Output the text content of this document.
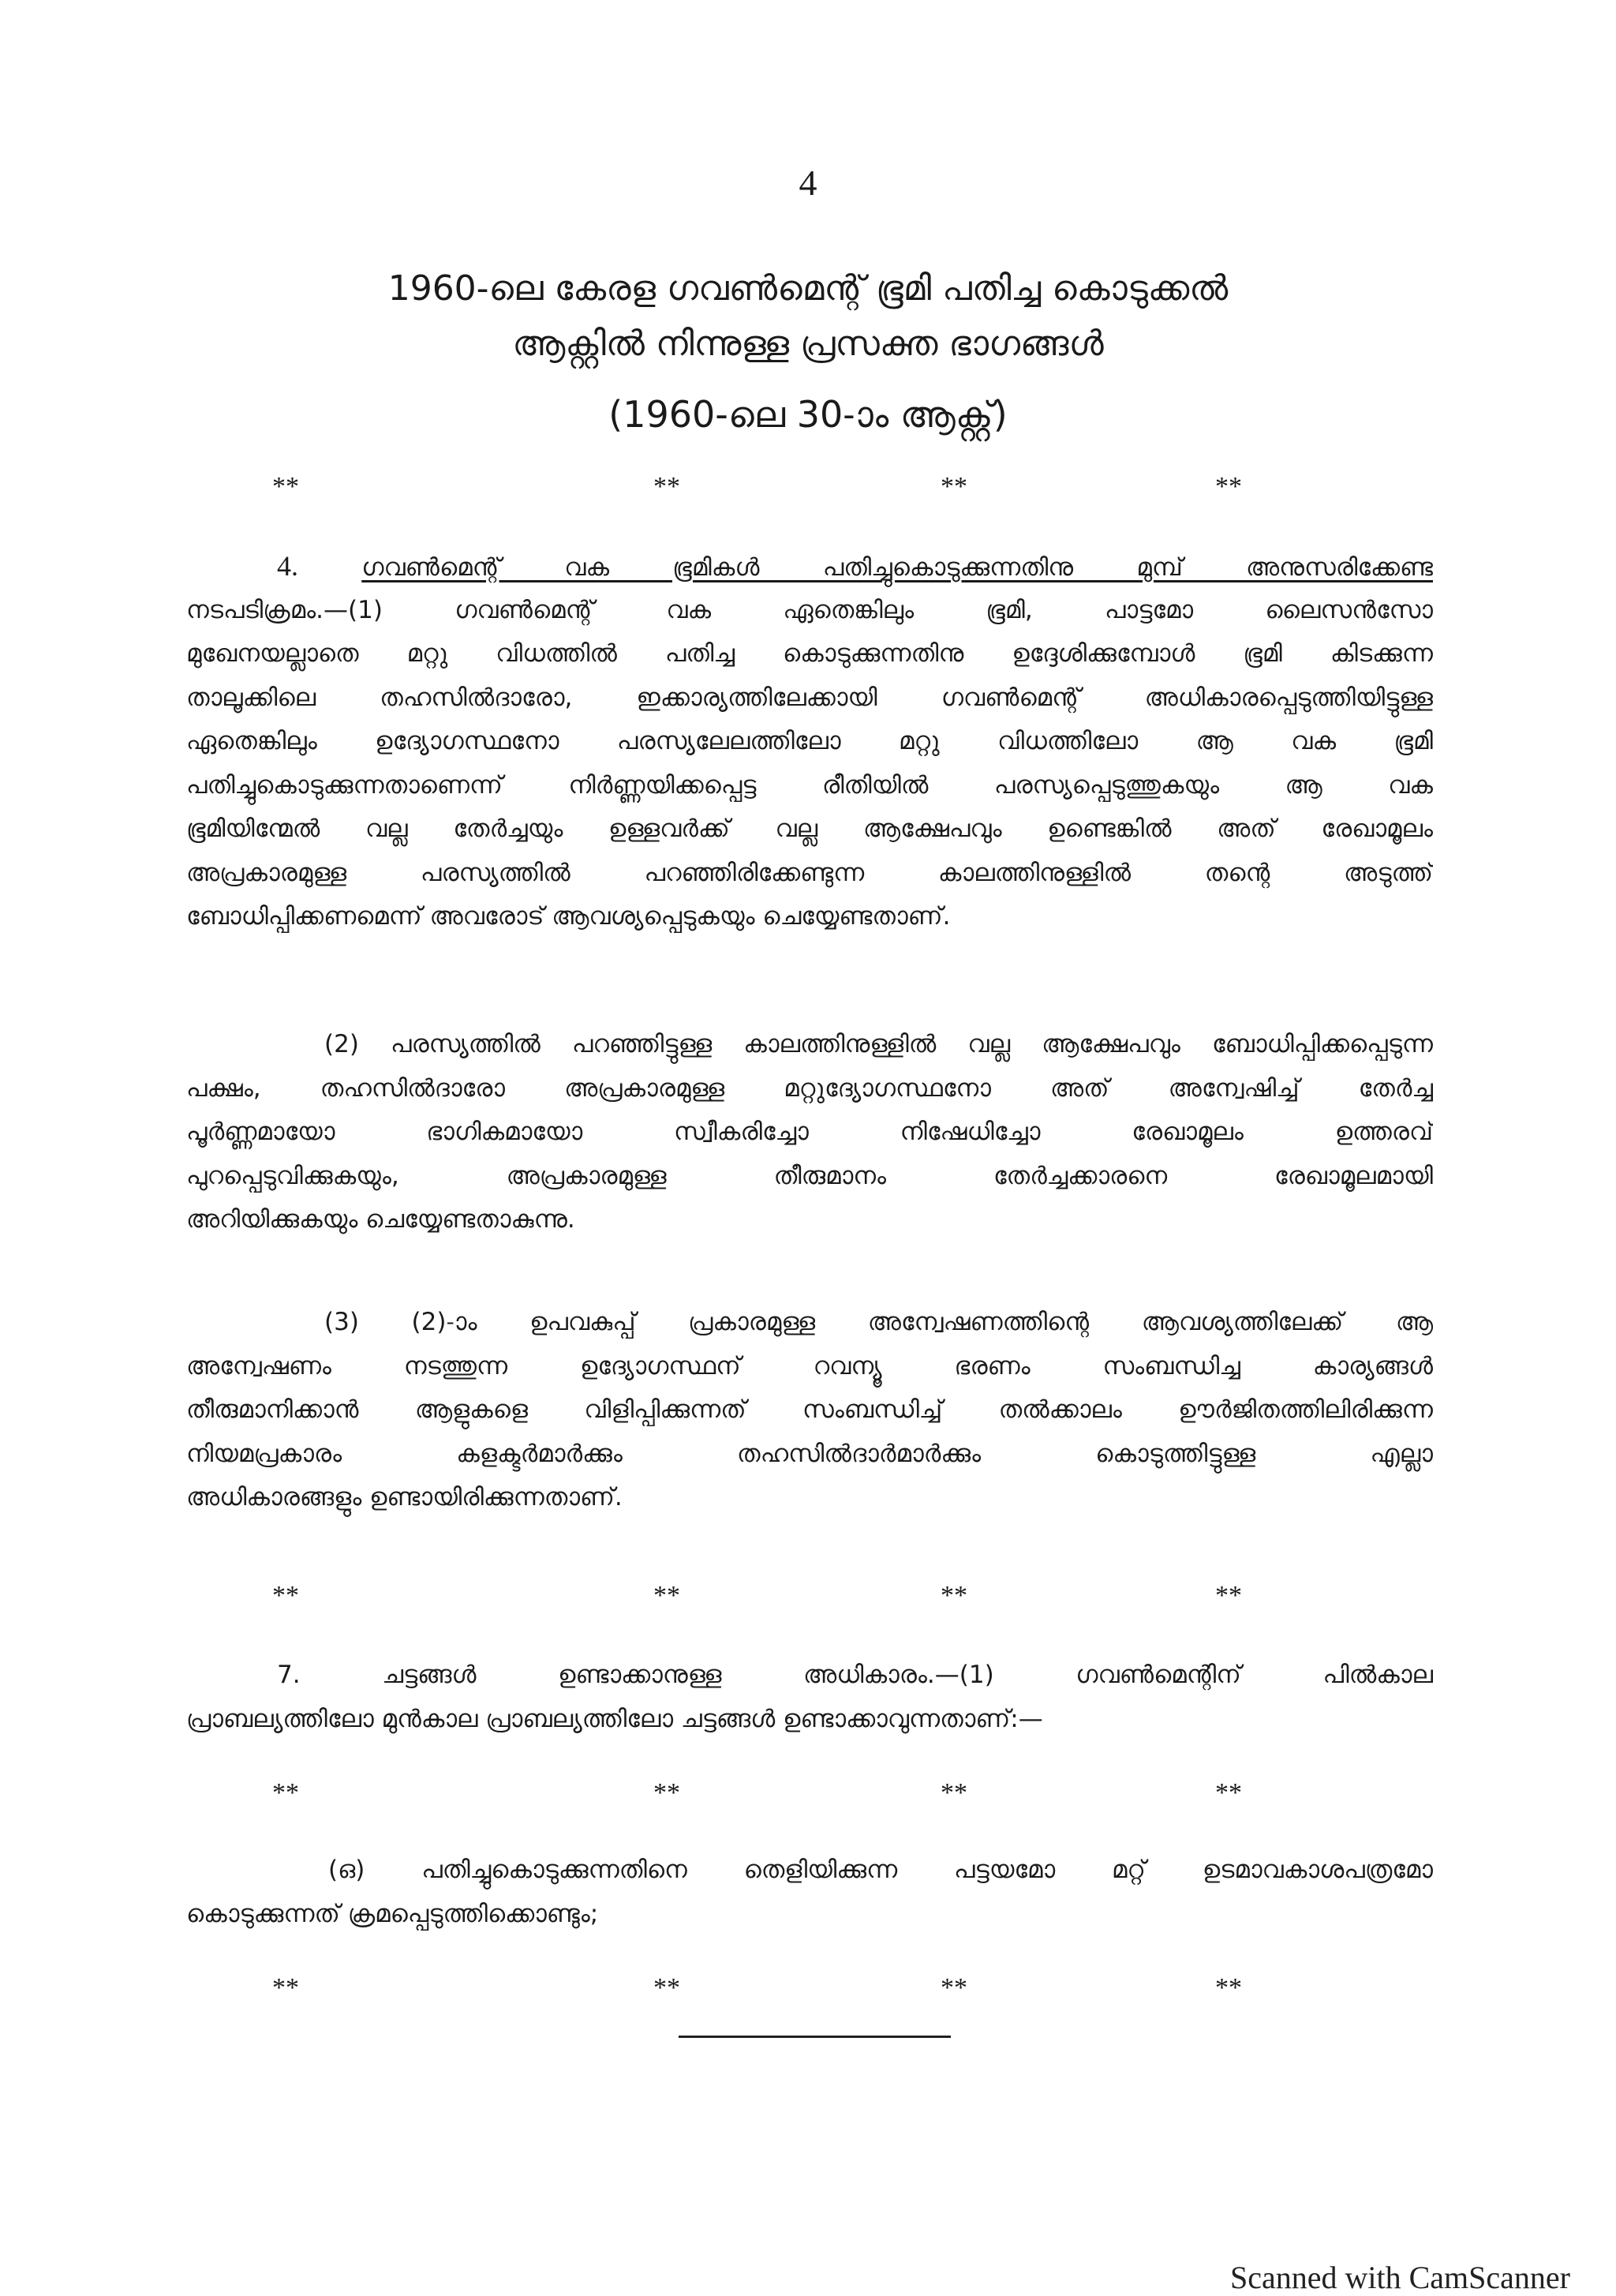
4
1960-ലെ കേരള ഗവൺമെന്റ് ഭൂമി പതിച്ച കൊടുക്കൽ
ആക്റ്റിൽ നിന്നുള്ള പ്രസക്ത ഭാഗങ്ങൾ
(1960-ലെ 30-ാം ആക്റ്റ്)
**	**	**	**
4.	ഗവൺമെന്റ് വക ഭൂമികൾ പതിച്ചുകൊടുക്കുന്നതിനു മുമ്പ് അനുസരിക്കേണ്ട
നടപടിക്രമം.—(1) ഗവൺമെന്റ് വക ഏതെങ്കിലും ഭൂമി, പാട്ടമോ ലൈസൻസോ
മുഖേനയല്ലാതെ മറ്റു വിധത്തിൽ പതിച്ച കൊടുക്കുന്നതിനു ഉദ്ദേശിക്കുമ്പോൾ ഭൂമി കിടക്കുന്ന
താലൂക്കിലെ തഹസിൽദാരോ, ഇക്കാര്യത്തിലേക്കായി ഗവൺമെന്റ് അധികാരപ്പെടുത്തിയിട്ടുള്ള
ഏതെങ്കിലും ഉദ്യോഗസ്ഥനോ പരസ്യലേലത്തിലോ മറ്റു വിധത്തിലോ ആ വക ഭൂമി
പതിച്ചുകൊടുക്കുന്നതാണെന്ന് നിർണ്ണയിക്കപ്പെട്ട രീതിയിൽ പരസ്യപ്പെടുത്തുകയും ആ വക
ഭൂമിയിന്മേൽ വല്ല തേർച്ചയും ഉള്ളവർക്ക് വല്ല ആക്ഷേപവും ഉണ്ടെങ്കിൽ അത് രേഖാമൂലം
അപ്രകാരമുള്ള പരസ്യത്തിൽ പറഞ്ഞിരിക്കേണ്ടുന്ന കാലത്തിനുള്ളിൽ തന്റെ അടുത്ത്
ബോധിപ്പിക്കണമെന്ന് അവരോട് ആവശ്യപ്പെടുകയും ചെയ്യേണ്ടതാണ്.
(2) പരസ്യത്തിൽ പറഞ്ഞിട്ടുള്ള കാലത്തിനുള്ളിൽ വല്ല ആക്ഷേപവും ബോധിപ്പിക്കപ്പെടുന്ന
പക്ഷം, തഹസിൽദാരോ അപ്രകാരമുള്ള മറ്റുദ്യോഗസ്ഥനോ അത് അന്വേഷിച്ച് തേർച്ച
പൂർണ്ണമായോ ഭാഗികമായോ സ്വീകരിച്ചോ നിഷേധിച്ചോ രേഖാമൂലം ഉത്തരവ്
പുറപ്പെടുവിക്കുകയും, അപ്രകാരമുള്ള തീരുമാനം തേർച്ചക്കാരനെ രേഖാമൂലമായി
അറിയിക്കുകയും ചെയ്യേണ്ടതാകുന്നു.
(3) (2)-ാം ഉപവകുപ്പ് പ്രകാരമുള്ള അന്വേഷണത്തിന്റെ ആവശ്യത്തിലേക്ക് ആ
അന്വേഷണം നടത്തുന്ന ഉദ്യോഗസ്ഥന് റവന്യൂ ഭരണം സംബന്ധിച്ച കാര്യങ്ങൾ
തീരുമാനിക്കാൻ ആളുകളെ വിളിപ്പിക്കുന്നത് സംബന്ധിച്ച് തൽക്കാലം ഊർജിതത്തിലിരിക്കുന്ന
നിയമപ്രകാരം കളക്ടർമാർക്കും തഹസിൽദാർമാർക്കും കൊടുത്തിട്ടുള്ള എല്ലാ
അധികാരങ്ങളും ഉണ്ടായിരിക്കുന്നതാണ്.
**	**	**	**
7. ചട്ടങ്ങൾ ഉണ്ടാക്കാനുള്ള അധികാരം.—(1) ഗവൺമെന്റിന് പിൽകാല
പ്രാബല്യത്തിലോ മുൻകാല പ്രാബല്യത്തിലോ ചട്ടങ്ങൾ ഉണ്ടാക്കാവുന്നതാണ്:—
**	**	**	**
(ഒ) പതിച്ചുകൊടുക്കുന്നതിനെ തെളിയിക്കുന്ന പട്ടയമോ മറ്റ് ഉടമാവകാശപത്രമോ
കൊടുക്കുന്നത് ക്രമപ്പെടുത്തിക്കൊണ്ടും;
**	**	**	**
Scanned with CamScanner
